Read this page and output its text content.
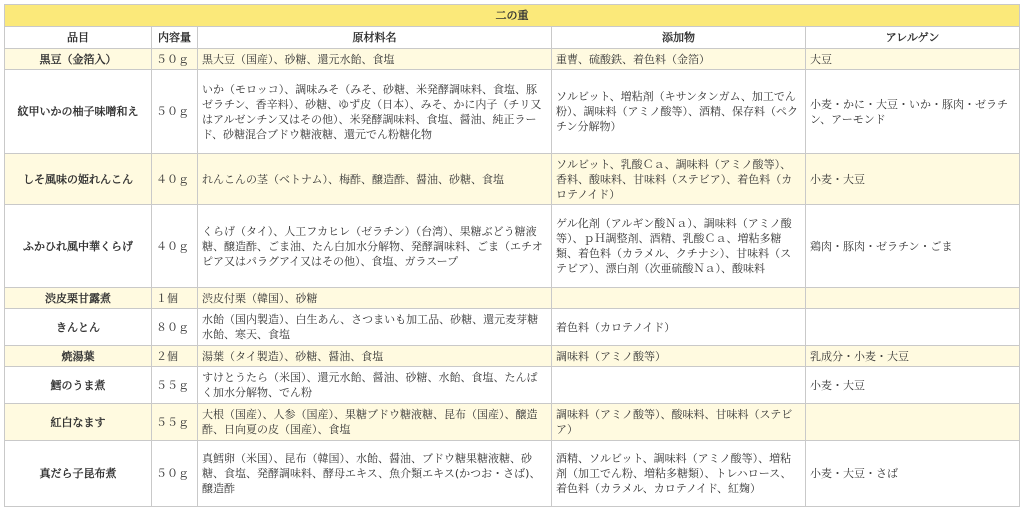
二の重				
品目	内容量	原材料名	添加物	アレルゲン
黒豆（金箔入）	５０ｇ	黒大豆（国産）、砂糖、還元水飴、食塩	重曹、硫酸鉄、着色料（金箔）	大豆
紋甲いかの柚子味噌和え	５０ｇ	いか（モロッコ）、調味みそ（みそ、砂糖、米発酵調味料、食塩、豚ゼラチン、香辛料）、砂糖、ゆず皮（日本）、みそ、かに内子（チリ又はアルゼンチン又はその他）、米発酵調味料、食塩、醤油、純正ラード、砂糖混合ブドウ糖液糖、還元でん粉糖化物	ソルビット、増粘剤（キサンタンガム、加工でん粉）、調味料（アミノ酸等）、酒精、保存料（ペクチン分解物）	小麦・かに・大豆・いか・豚肉・ゼラチン、アーモンド
しそ風味の姫れんこん	４０ｇ	れんこんの茎（ベトナム）、梅酢、醸造酢、醤油、砂糖、食塩	ソルビット、乳酸Ｃａ、調味料（アミノ酸等）、香料、酸味料、甘味料（ステビア）、着色料（カロテノイド）	小麦・大豆
ふかひれ風中華くらげ	４０ｇ	くらげ（タイ）、人工フカヒレ（ゼラチン）（台湾）、果糖ぶどう糖液糖、醸造酢、ごま油、たん白加水分解物、発酵調味料、ごま（エチオピア又はパラグアイ又はその他）、食塩、ガラスープ	ゲル化剤（アルギン酸Ｎａ）、調味料（アミノ酸等）、ｐＨ調整剤、酒精、乳酸Ｃａ、増粘多糖類、着色料（カラメル、クチナシ）、甘味料（ステビア）、漂白剤（次亜硫酸Ｎａ）、酸味料	鶏肉・豚肉・ゼラチン・ごま
渋皮栗甘露煮	１個	渋皮付栗（韓国）、砂糖		
きんとん	８０ｇ	水飴（国内製造）、白生あん、さつまいも加工品、砂糖、還元麦芽糖水飴、寒天、食塩	着色料（カロテノイド）	
焼湯葉	２個	湯葉（タイ製造）、砂糖、醤油、食塩	調味料（アミノ酸等）	乳成分・小麦・大豆
鱈のうま煮	５５ｇ	すけとうたら（米国）、還元水飴、醤油、砂糖、水飴、食塩、たんぱく加水分解物、でん粉		小麦・大豆
紅白なます	５５ｇ	大根（国産）、人参（国産）、果糖ブドウ糖液糖、昆布（国産）、醸造酢、日向夏の皮（国産）、食塩	調味料（アミノ酸等）、酸味料、甘味料（ステビア）	
真だら子昆布煮	５０ｇ	真鱈卵（米国）、昆布（韓国）、水飴、醤油、ブドウ糖果糖液糖、砂糖、食塩、発酵調味料、酵母エキス、魚介類エキス(かつお・さば)、醸造酢	酒精、ソルビット、調味料（アミノ酸等）、増粘剤（加工でん粉、増粘多糖類）、トレハロース、着色料（カラメル、カロテノイド、紅麹）	小麦・大豆・さば
